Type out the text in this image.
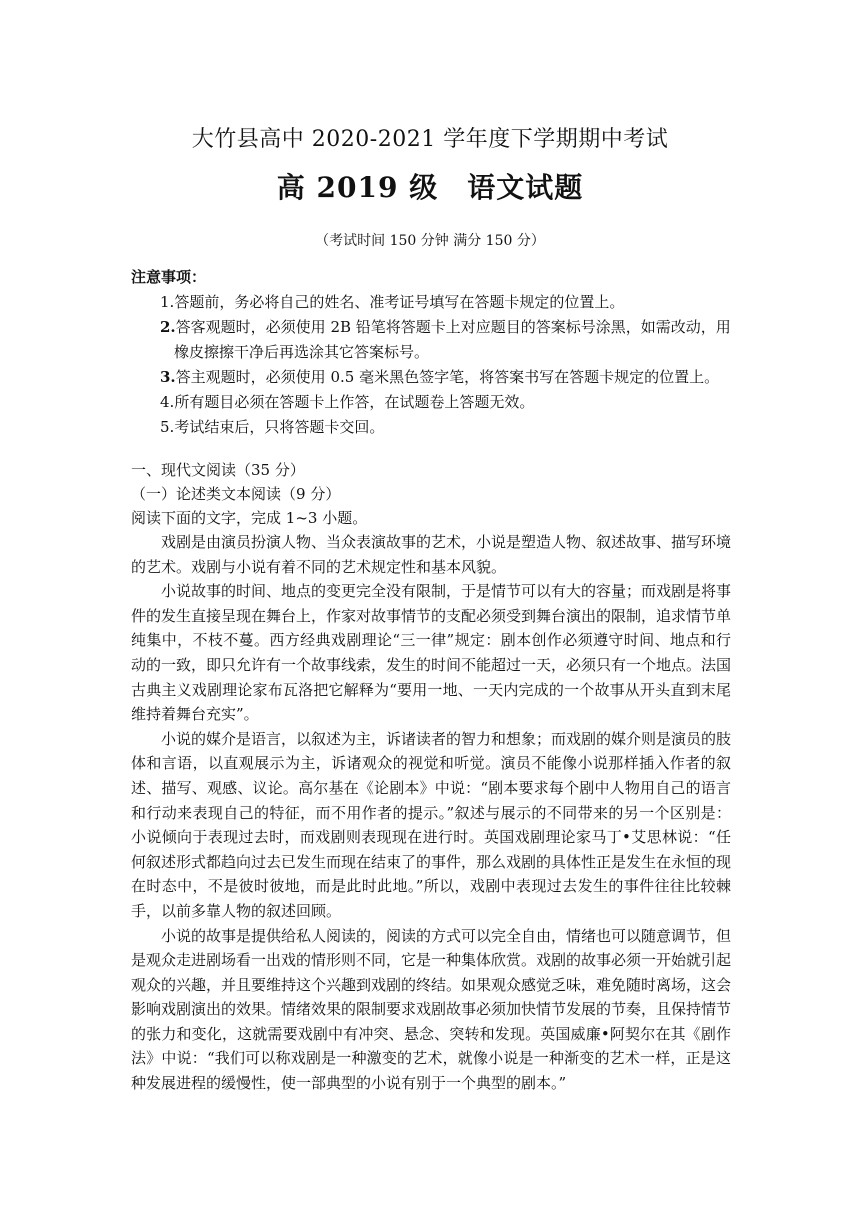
大竹县高中 2020-2021 学年度下学期期中考试
高 2019 级　语文试题
（考试时间 150 分钟 满分 150 分）
注意事项：
1.答题前，务必将自己的姓名、准考证号填写在答题卡规定的位置上。
2.答客观题时，必须使用 2B 铅笔将答题卡上对应题目的答案标号涂黑，如需改动，用
橡皮擦擦干净后再选涂其它答案标号。
3.答主观题时，必须使用 0.5 毫米黑色签字笔，将答案书写在答题卡规定的位置上。
4.所有题目必须在答题卡上作答，在试题卷上答题无效。
5.考试结束后，只将答题卡交回。
一、现代文阅读（35 分）
（一）论述类文本阅读（9 分）
阅读下面的文字，完成 1~3 小题。

戏剧是由演员扮演人物、当众表演故事的艺术，小说是塑造人物、叙述故事、描写环境的艺术。戏剧与小说有着不同的艺术规定性和基本风貌。

小说故事的时间、地点的变更完全没有限制，于是情节可以有大的容量；而戏剧是将事件的发生直接呈现在舞台上，作家对故事情节的支配必须受到舞台演出的限制，追求情节单纯集中，不枝不蔓。西方经典戏剧理论“三一律”规定：剧本创作必须遵守时间、地点和行动的一致，即只允许有一个故事线索，发生的时间不能超过一天，必须只有一个地点。法国古典主义戏剧理论家布瓦洛把它解释为“要用一地、一天内完成的一个故事从开头直到末尾维持着舞台充实”。

小说的媒介是语言，以叙述为主，诉诸读者的智力和想象；而戏剧的媒介则是演员的肢体和言语，以直观展示为主，诉诸观众的视觉和听觉。演员不能像小说那样插入作者的叙述、描写、观感、议论。高尔基在《论剧本》中说：“剧本要求每个剧中人物用自己的语言和行动来表现自己的特征，而不用作者的提示。”叙述与展示的不同带来的另一个区别是：小说倾向于表现过去时，而戏剧则表现现在进行时。英国戏剧理论家马丁•艾思林说：“任何叙述形式都趋向过去已发生而现在结束了的事件，那么戏剧的具体性正是发生在永恒的现在时态中，不是彼时彼地，而是此时此地。”所以，戏剧中表现过去发生的事件往往比较棘手，以前多靠人物的叙述回顾。

小说的故事是提供给私人阅读的，阅读的方式可以完全自由，情绪也可以随意调节，但是观众走进剧场看一出戏的情形则不同，它是一种集体欣赏。戏剧的故事必须一开始就引起观众的兴趣，并且要维持这个兴趣到戏剧的终结。如果观众感觉乏味，难免随时离场，这会影响戏剧演出的效果。情绪效果的限制要求戏剧故事必须加快情节发展的节奏，且保持情节的张力和变化，这就需要戏剧中有冲突、悬念、突转和发现。英国威廉•阿契尔在其《剧作法》中说：“我们可以称戏剧是一种激变的艺术，就像小说是一种渐变的艺术一样，正是这种发展进程的缓慢性，使一部典型的小说有别于一个典型的剧本。”
